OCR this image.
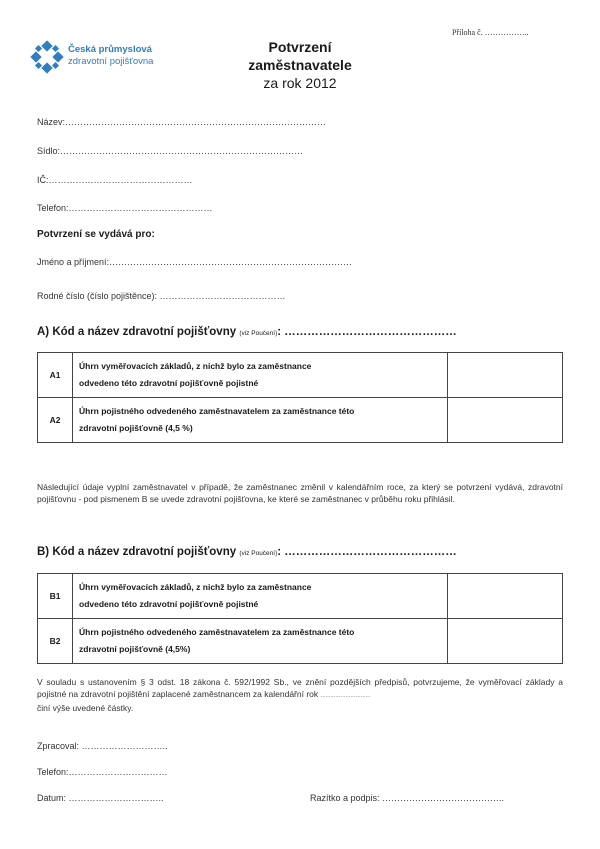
Příloha č. ……………..
Česká průmyslová
zdravotní pojišťovna
Potvrzení
zaměstnavatele
za rok 2012
Název:……………………………………………………………………………
Sídlo:………………………………………………………………………
IČ:…………………………………………
Telefon:…………………………………………
Potvrzení se vydává pro:
Jméno a příjmení:………………………………………………………………………
Rodné číslo (číslo pojištěnce): ……………………………………
A) Kód a název zdravotní pojišťovny (viz Poučení): ………………………………………
A1	Úhrn vyměřovacích základů, z nichž bylo za zaměstnance
odvedeno této zdravotní pojišťovně pojistné	

A2	Úhrn pojistného odvedeného zaměstnavatelem za zaměstnance této
zdravotní pojišťovně (4,5 %)	

Následující údaje vyplní zaměstnavatel v případě, že zaměstnanec změnil v kalendářním roce, za který se potvrzení vydává, zdravotní pojišťovnu - pod pismenem B se uvede zdravotní pojišťovna, ke které se zaměstnanec v průběhu roku přihlásil.
B) Kód a název zdravotní pojišťovny (viz Poučení): ………………………………………
B1	Úhrn vyměřovacích základů, z nichž bylo za zaměstnance
odvedeno této zdravotní pojišťovně pojistné	

B2	Úhrn pojistného odvedeného zaměstnavatelem za zaměstnance této
zdravotní pojišťovně (4,5%)	

V souladu s ustanovením § 3 odst. 18 zákona č. 592/1992 Sb., ve znění pozdějších předpisů, potvrzujeme, že vyměřovací základy a pojistné na zdravotní pojištění zaplacené zaměstnancem za kalendářní rok …………………………
činí výše uvedené částky.
Zpracoval: ………………………..
Telefon:……………………………
Datum: …………………………..	Razítko a podpis: …………………………………..
